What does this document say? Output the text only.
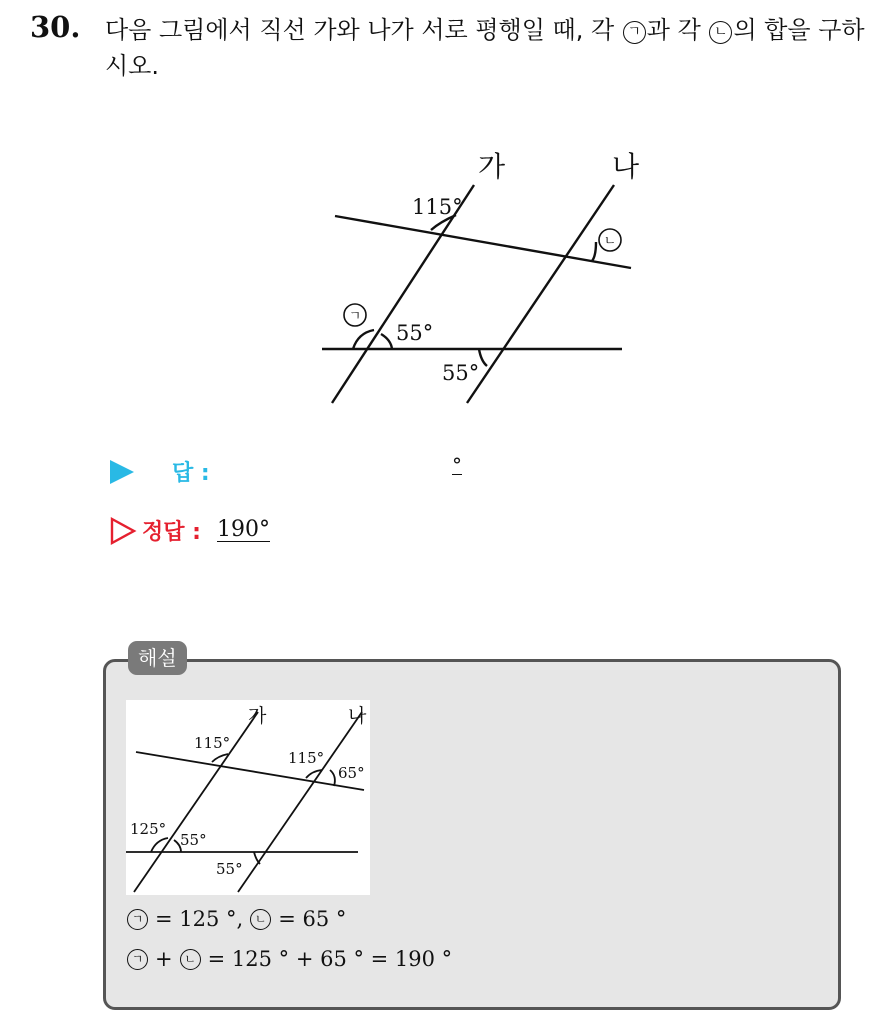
30. 다음 그림에서 직선 가와 나가 서로 평행일 때, 각 ㄱ 과 각 ㄴ 의 합을 구하시오.

가	나
115°
55°
55°
ㄱ
ㄴ
답 :	°
정답 : 190°
해설
가	나
115°
115°
65°
125°
55°
55°
ㄱ = 125 °, ㄴ = 65 °
ㄱ + ㄴ = 125 ° + 65 ° = 190 °
